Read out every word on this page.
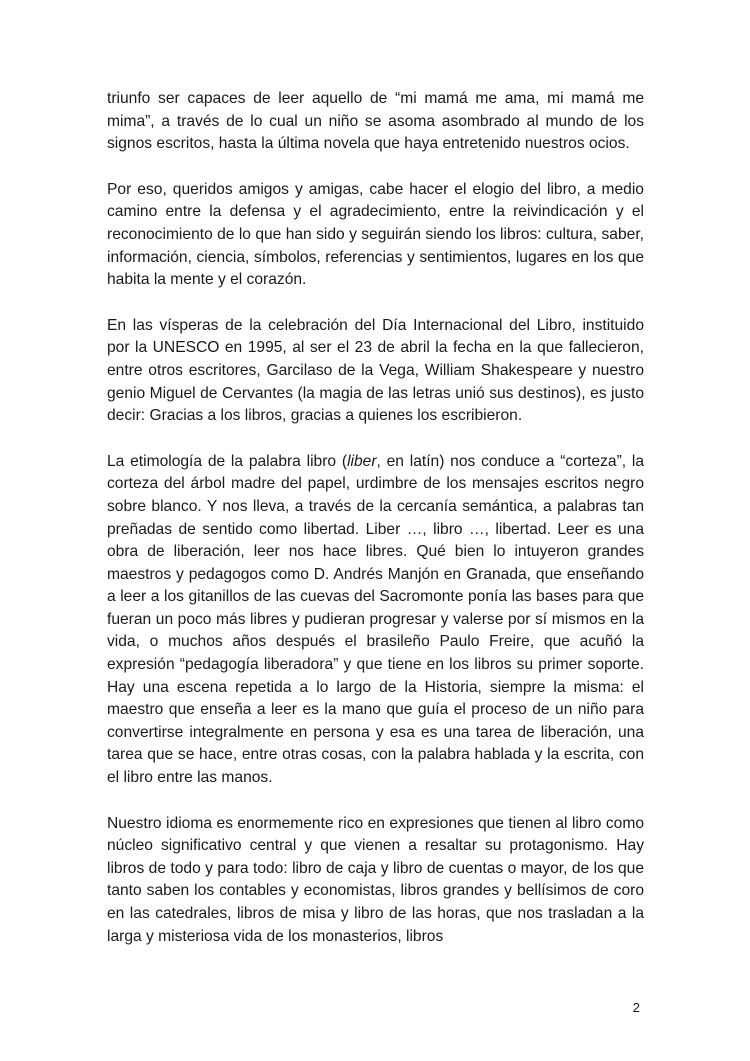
triunfo ser capaces de leer aquello de “mi mamá me ama, mi mamá me mima”, a través de lo cual un niño se asoma asombrado al mundo de los signos escritos, hasta la última novela que haya entretenido nuestros ocios.

Por eso, queridos amigos y amigas, cabe hacer el elogio del libro, a medio camino entre la defensa y el agradecimiento, entre la reivindicación y el reconocimiento de lo que han sido y seguirán siendo los libros: cultura, saber, información, ciencia, símbolos, referencias y sentimientos, lugares en los que habita la mente y el corazón.

En las vísperas de la celebración del Día Internacional del Libro, instituido por la UNESCO en 1995, al ser el 23 de abril la fecha en la que fallecieron, entre otros escritores, Garcilaso de la Vega, William Shakespeare y nuestro genio Miguel de Cervantes (la magia de las letras unió sus destinos), es justo decir: Gracias a los libros, gracias a quienes los escribieron.

La etimología de la palabra libro (liber, en latín) nos conduce a “corteza”, la corteza del árbol madre del papel, urdimbre de los mensajes escritos negro sobre blanco. Y nos lleva, a través de la cercanía semántica, a palabras tan preñadas de sentido como libertad. Liber …, libro …, libertad. Leer es una obra de liberación, leer nos hace libres. Qué bien lo intuyeron grandes maestros y pedagogos como D. Andrés Manjón en Granada, que enseñando a leer a los gitanillos de las cuevas del Sacromonte ponía las bases para que fueran un poco más libres y pudieran progresar y valerse por sí mismos en la vida, o muchos años después el brasileño Paulo Freire, que acuñó la expresión “pedagogía liberadora” y que tiene en los libros su primer soporte. Hay una escena repetida a lo largo de la Historia, siempre la misma: el maestro que enseña a leer es la mano que guía el proceso de un niño para convertirse integralmente en persona y esa es una tarea de liberación, una tarea que se hace, entre otras cosas, con la palabra hablada y la escrita, con el libro entre las manos.

Nuestro idioma es enormemente rico en expresiones que tienen al libro como núcleo significativo central y que vienen a resaltar su protagonismo. Hay libros de todo y para todo: libro de caja y libro de cuentas o mayor, de los que tanto saben los contables y economistas, libros grandes y bellísimos de coro en las catedrales, libros de misa y libro de las horas, que nos trasladan a la larga y misteriosa vida de los monasterios, libros

2
